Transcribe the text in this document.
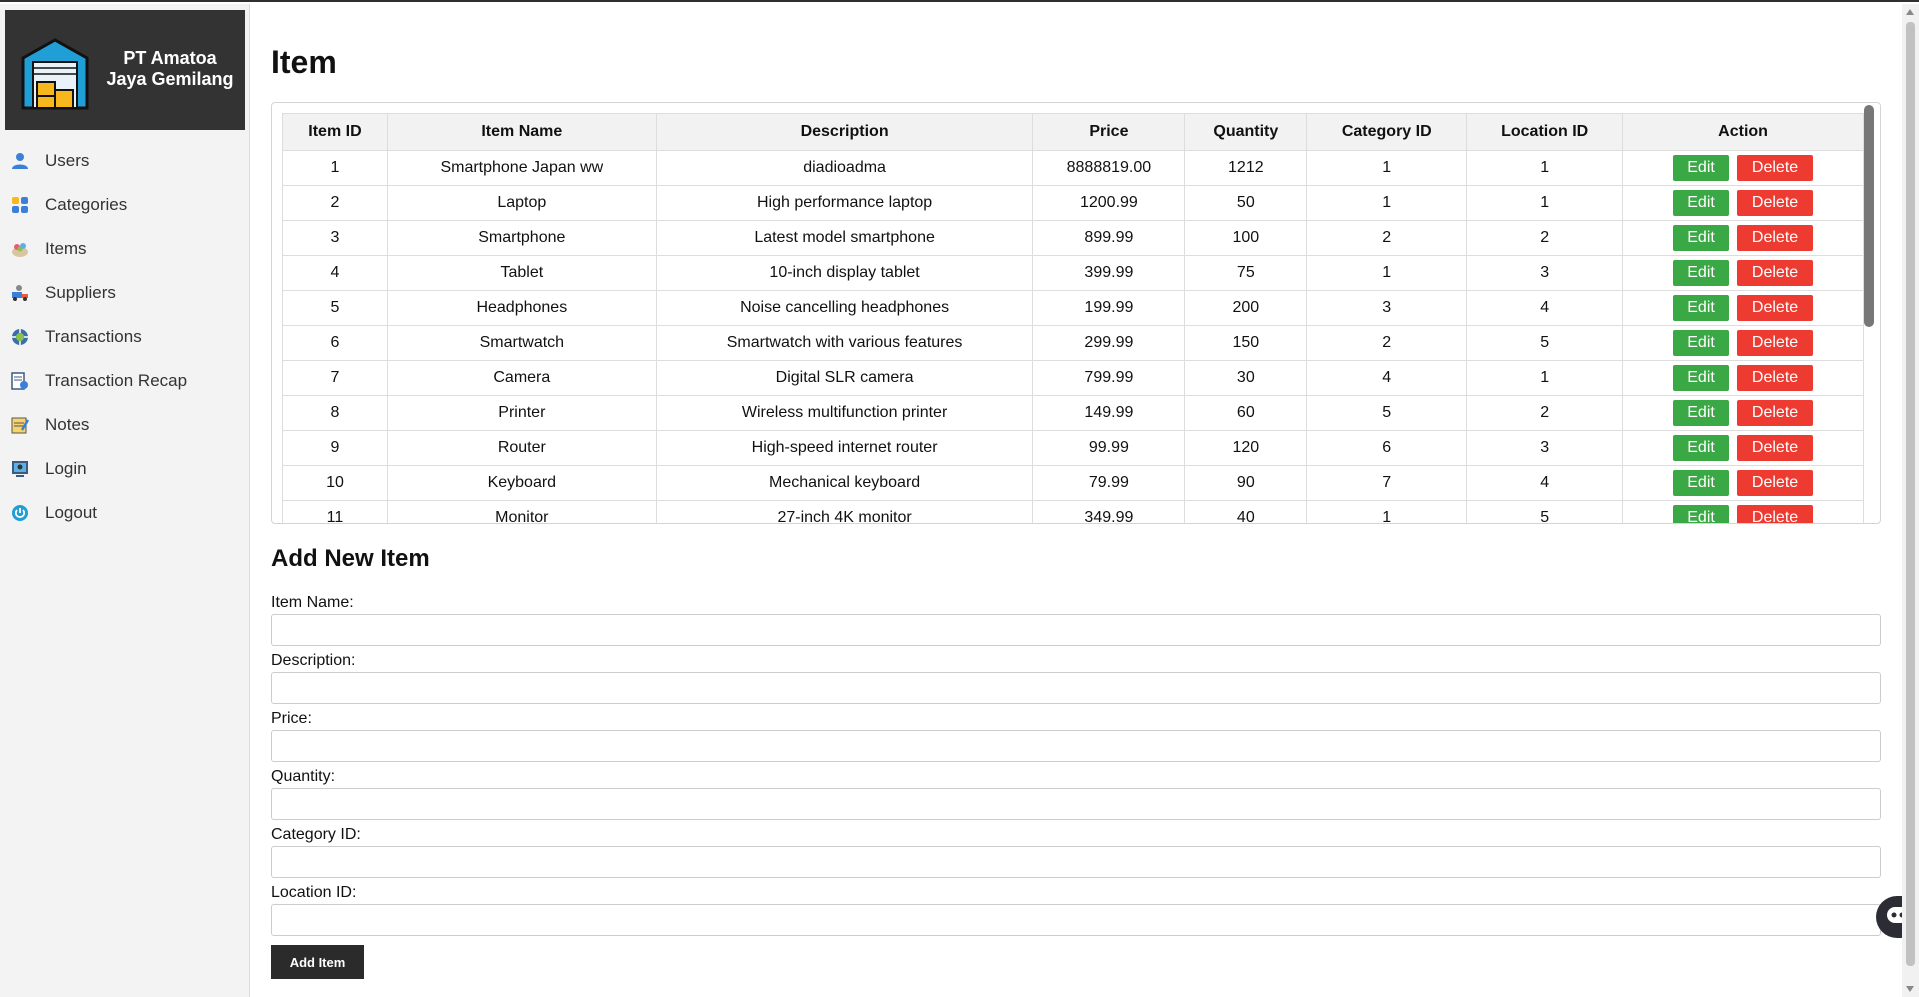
PT Amatoa
Jaya Gemilang
Users
Categories
Items
Suppliers
Transactions
Transaction Recap
Notes
Login
Logout
Item
Item ID	Item Name	Description	Price	Quantity	Category ID	Location ID	Action
1	Smartphone Japan ww	diadioadma	8888819.00	1212	1	1	Edit Delete
2	Laptop	High performance laptop	1200.99	50	1	1	Edit Delete
3	Smartphone	Latest model smartphone	899.99	100	2	2	Edit Delete
4	Tablet	10-inch display tablet	399.99	75	1	3	Edit Delete
5	Headphones	Noise cancelling headphones	199.99	200	3	4	Edit Delete
6	Smartwatch	Smartwatch with various features	299.99	150	2	5	Edit Delete
7	Camera	Digital SLR camera	799.99	30	4	1	Edit Delete
8	Printer	Wireless multifunction printer	149.99	60	5	2	Edit Delete
9	Router	High-speed internet router	99.99	120	6	3	Edit Delete
10	Keyboard	Mechanical keyboard	79.99	90	7	4	Edit Delete
11	Monitor	27-inch 4K monitor	349.99	40	1	5	Edit Delete
Add New Item
Item Name:
Description:
Price:
Quantity:
Category ID:
Location ID:
Add Item
